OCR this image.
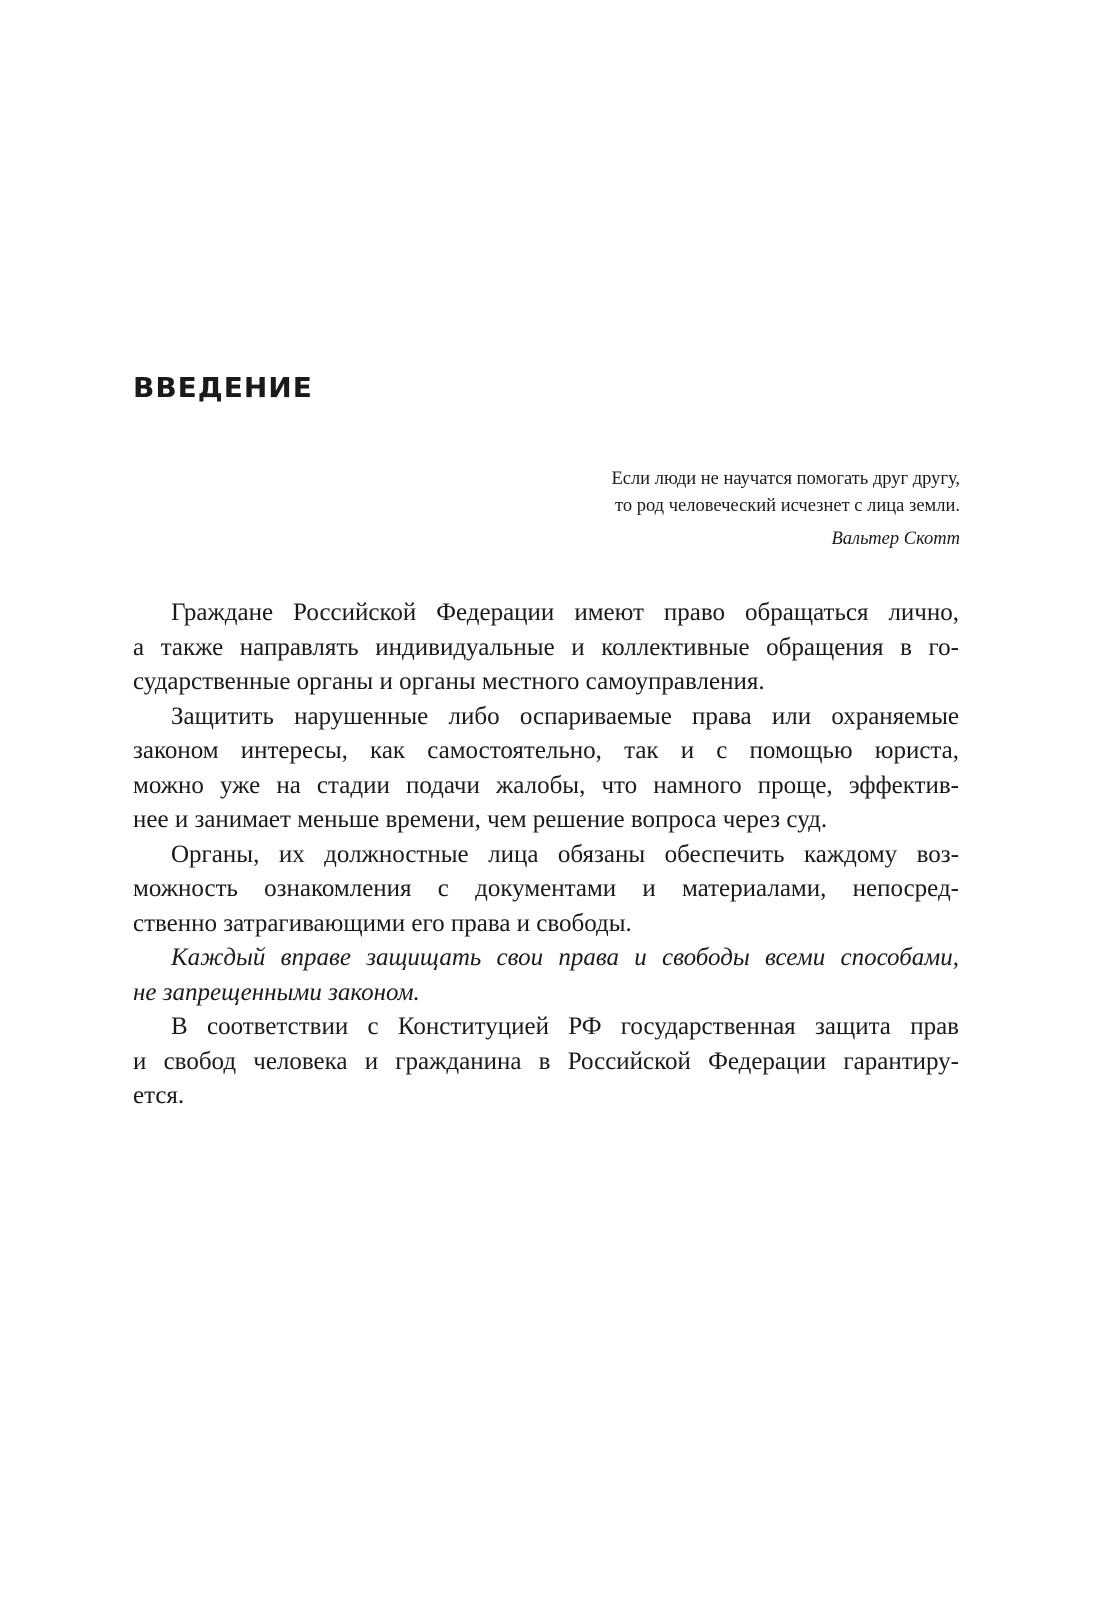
ВВЕДЕНИЕ
Если люди не научатся помогать друг другу,
то род человеческий исчезнет с лица земли.
Вальтер Скотт
Граждане Российской Федерации имеют право обращаться лично,
а также направлять индивидуальные и коллективные обращения в го-
сударственные органы и органы местного самоуправления.
Защитить нарушенные либо оспариваемые права или охраняемые
законом интересы, как самостоятельно, так и с помощью юриста,
можно уже на стадии подачи жалобы, что намного проще, эффектив-
нее и занимает меньше времени, чем решение вопроса через суд.
Органы, их должностные лица обязаны обеспечить каждому воз-
можность ознакомления с документами и материалами, непосред-
ственно затрагивающими его права и свободы.
Каждый вправе защищать свои права и свободы всеми способами,
не запрещенными законом.
В соответствии с Конституцией РФ государственная защита прав
и свобод человека и гражданина в Российской Федерации гарантиру-
ется.
